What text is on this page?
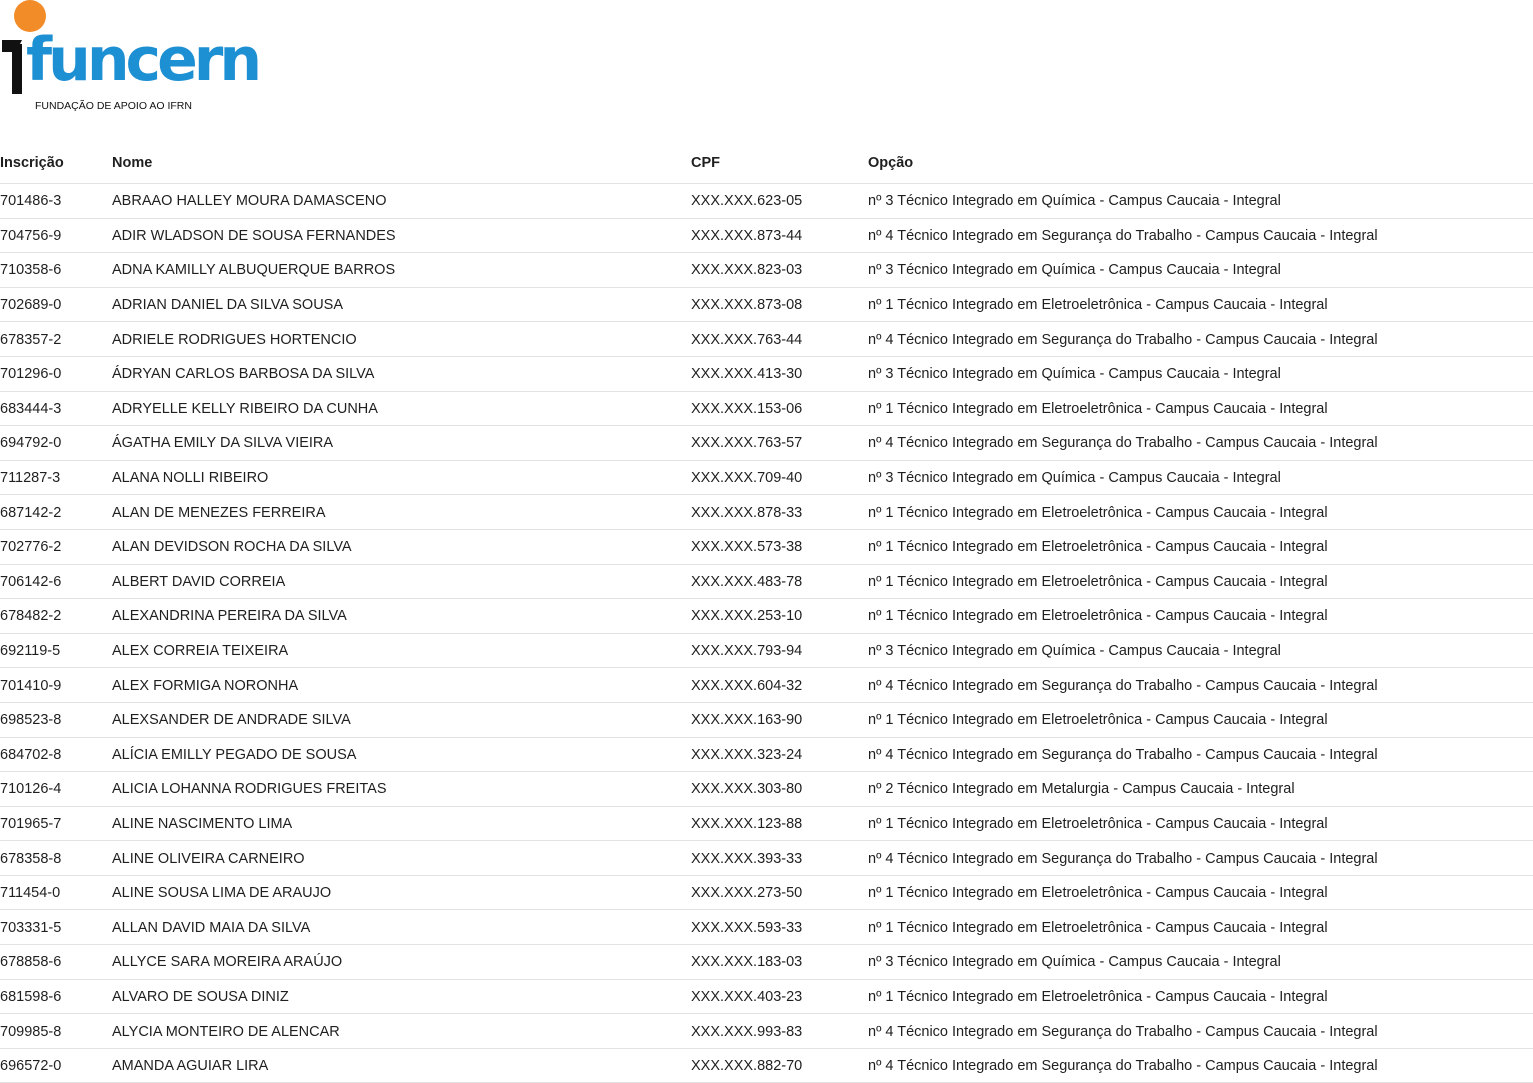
funcern
FUNDAÇÃO DE APOIO AO IFRN
Inscrição	Nome	CPF	Opção
701486-3	ABRAAO HALLEY MOURA DAMASCENO	XXX.XXX.623-05	nº 3 Técnico Integrado em Química - Campus Caucaia - Integral
704756-9	ADIR WLADSON DE SOUSA FERNANDES	XXX.XXX.873-44	nº 4 Técnico Integrado em Segurança do Trabalho - Campus Caucaia - Integral
710358-6	ADNA KAMILLY ALBUQUERQUE BARROS	XXX.XXX.823-03	nº 3 Técnico Integrado em Química - Campus Caucaia - Integral
702689-0	ADRIAN DANIEL DA SILVA SOUSA	XXX.XXX.873-08	nº 1 Técnico Integrado em Eletroeletrônica - Campus Caucaia - Integral
678357-2	ADRIELE RODRIGUES HORTENCIO	XXX.XXX.763-44	nº 4 Técnico Integrado em Segurança do Trabalho - Campus Caucaia - Integral
701296-0	ÁDRYAN CARLOS BARBOSA DA SILVA	XXX.XXX.413-30	nº 3 Técnico Integrado em Química - Campus Caucaia - Integral
683444-3	ADRYELLE KELLY RIBEIRO DA CUNHA	XXX.XXX.153-06	nº 1 Técnico Integrado em Eletroeletrônica - Campus Caucaia - Integral
694792-0	ÁGATHA EMILY DA SILVA VIEIRA	XXX.XXX.763-57	nº 4 Técnico Integrado em Segurança do Trabalho - Campus Caucaia - Integral
711287-3	ALANA NOLLI RIBEIRO	XXX.XXX.709-40	nº 3 Técnico Integrado em Química - Campus Caucaia - Integral
687142-2	ALAN DE MENEZES FERREIRA	XXX.XXX.878-33	nº 1 Técnico Integrado em Eletroeletrônica - Campus Caucaia - Integral
702776-2	ALAN DEVIDSON ROCHA DA SILVA	XXX.XXX.573-38	nº 1 Técnico Integrado em Eletroeletrônica - Campus Caucaia - Integral
706142-6	ALBERT DAVID CORREIA	XXX.XXX.483-78	nº 1 Técnico Integrado em Eletroeletrônica - Campus Caucaia - Integral
678482-2	ALEXANDRINA PEREIRA DA SILVA	XXX.XXX.253-10	nº 1 Técnico Integrado em Eletroeletrônica - Campus Caucaia - Integral
692119-5	ALEX CORREIA TEIXEIRA	XXX.XXX.793-94	nº 3 Técnico Integrado em Química - Campus Caucaia - Integral
701410-9	ALEX FORMIGA NORONHA	XXX.XXX.604-32	nº 4 Técnico Integrado em Segurança do Trabalho - Campus Caucaia - Integral
698523-8	ALEXSANDER DE ANDRADE SILVA	XXX.XXX.163-90	nº 1 Técnico Integrado em Eletroeletrônica - Campus Caucaia - Integral
684702-8	ALÍCIA EMILLY PEGADO DE SOUSA	XXX.XXX.323-24	nº 4 Técnico Integrado em Segurança do Trabalho - Campus Caucaia - Integral
710126-4	ALICIA LOHANNA RODRIGUES FREITAS	XXX.XXX.303-80	nº 2 Técnico Integrado em Metalurgia - Campus Caucaia - Integral
701965-7	ALINE NASCIMENTO LIMA	XXX.XXX.123-88	nº 1 Técnico Integrado em Eletroeletrônica - Campus Caucaia - Integral
678358-8	ALINE OLIVEIRA CARNEIRO	XXX.XXX.393-33	nº 4 Técnico Integrado em Segurança do Trabalho - Campus Caucaia - Integral
711454-0	ALINE SOUSA LIMA DE ARAUJO	XXX.XXX.273-50	nº 1 Técnico Integrado em Eletroeletrônica - Campus Caucaia - Integral
703331-5	ALLAN DAVID MAIA DA SILVA	XXX.XXX.593-33	nº 1 Técnico Integrado em Eletroeletrônica - Campus Caucaia - Integral
678858-6	ALLYCE SARA MOREIRA ARAÚJO	XXX.XXX.183-03	nº 3 Técnico Integrado em Química - Campus Caucaia - Integral
681598-6	ALVARO DE SOUSA DINIZ	XXX.XXX.403-23	nº 1 Técnico Integrado em Eletroeletrônica - Campus Caucaia - Integral
709985-8	ALYCIA MONTEIRO DE ALENCAR	XXX.XXX.993-83	nº 4 Técnico Integrado em Segurança do Trabalho - Campus Caucaia - Integral
696572-0	AMANDA AGUIAR LIRA	XXX.XXX.882-70	nº 4 Técnico Integrado em Segurança do Trabalho - Campus Caucaia - Integral
